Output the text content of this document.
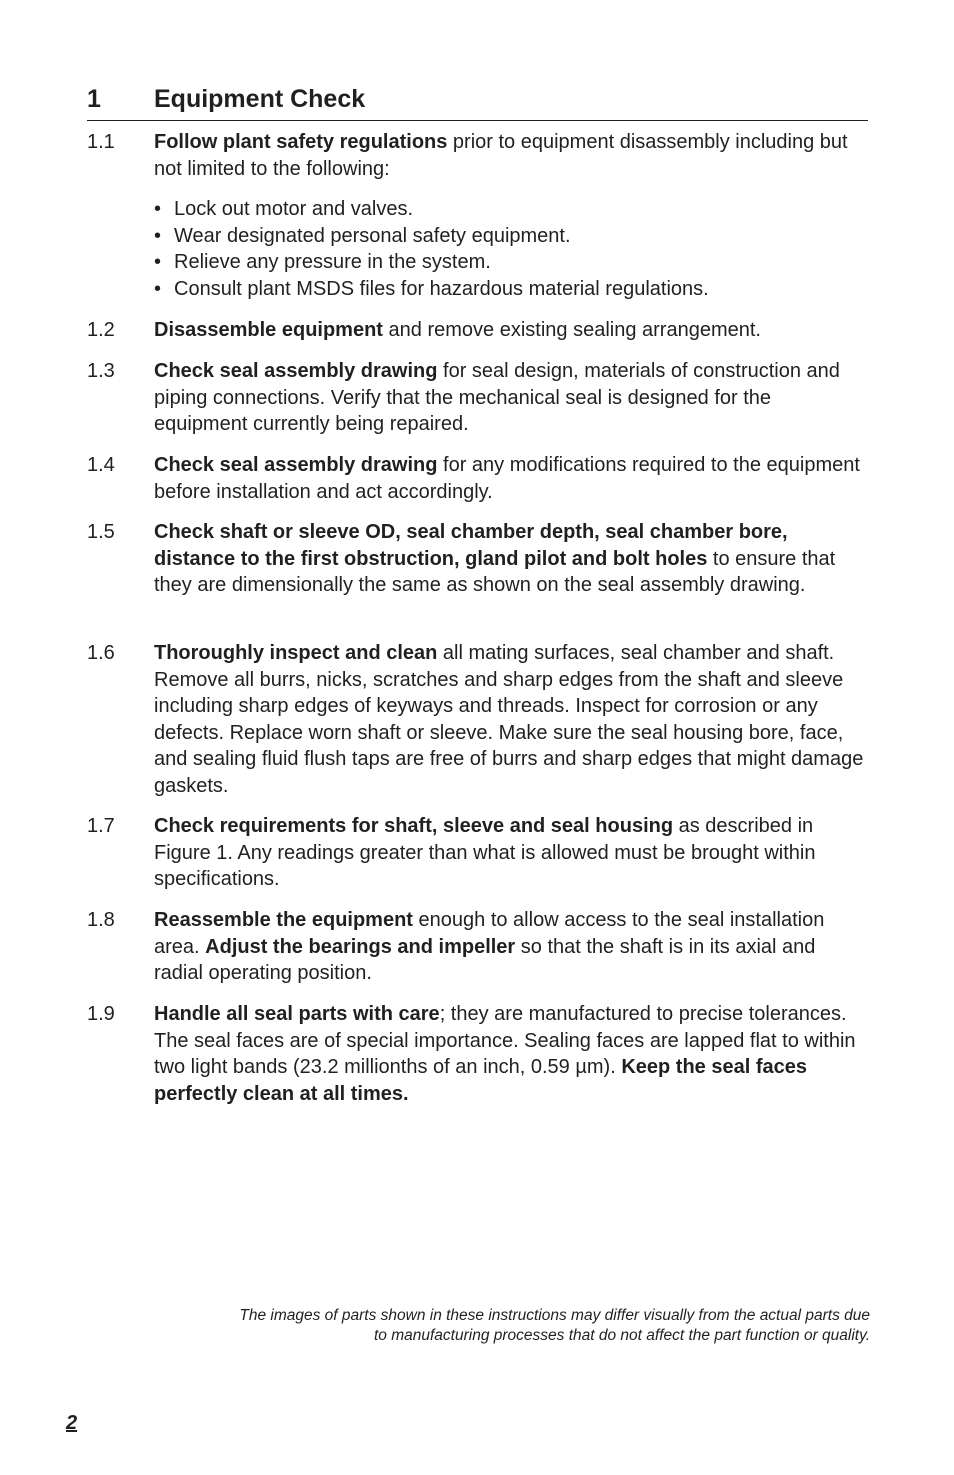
1 Equipment Check
1.1	Follow plant safety regulations prior to equipment disassembly including but not limited to the following:
• Lock out motor and valves.
• Wear designated personal safety equipment.
• Relieve any pressure in the system.
• Consult plant MSDS files for hazardous material regulations.
1.2	Disassemble equipment and remove existing sealing arrangement.
1.3	Check seal assembly drawing for seal design, materials of construction and piping connections. Verify that the mechanical seal is designed for the equipment currently being repaired.
1.4	Check seal assembly drawing for any modifications required to the equipment before installation and act accordingly.
1.5	Check shaft or sleeve OD, seal chamber depth, seal chamber bore, distance to the first obstruction, gland pilot and bolt holes to ensure that they are dimensionally the same as shown on the seal assembly drawing.
1.6	Thoroughly inspect and clean all mating surfaces, seal chamber and shaft. Remove all burrs, nicks, scratches and sharp edges from the shaft and sleeve including sharp edges of keyways and threads. Inspect for corrosion or any defects. Replace worn shaft or sleeve. Make sure the seal housing bore, face, and sealing fluid flush taps are free of burrs and sharp edges that might damage gaskets.
1.7	Check requirements for shaft, sleeve and seal housing as described in Figure 1. Any readings greater than what is allowed must be brought within specifications.
1.8	Reassemble the equipment enough to allow access to the seal installation area. Adjust the bearings and impeller so that the shaft is in its axial and radial operating position.
1.9	Handle all seal parts with care; they are manufactured to precise tolerances. The seal faces are of special importance. Sealing faces are lapped flat to within two light bands (23.2 millionths of an inch, 0.59 µm). Keep the seal faces perfectly clean at all times.
The images of parts shown in these instructions may differ visually from the actual parts due to manufacturing processes that do not affect the part function or quality.
2
